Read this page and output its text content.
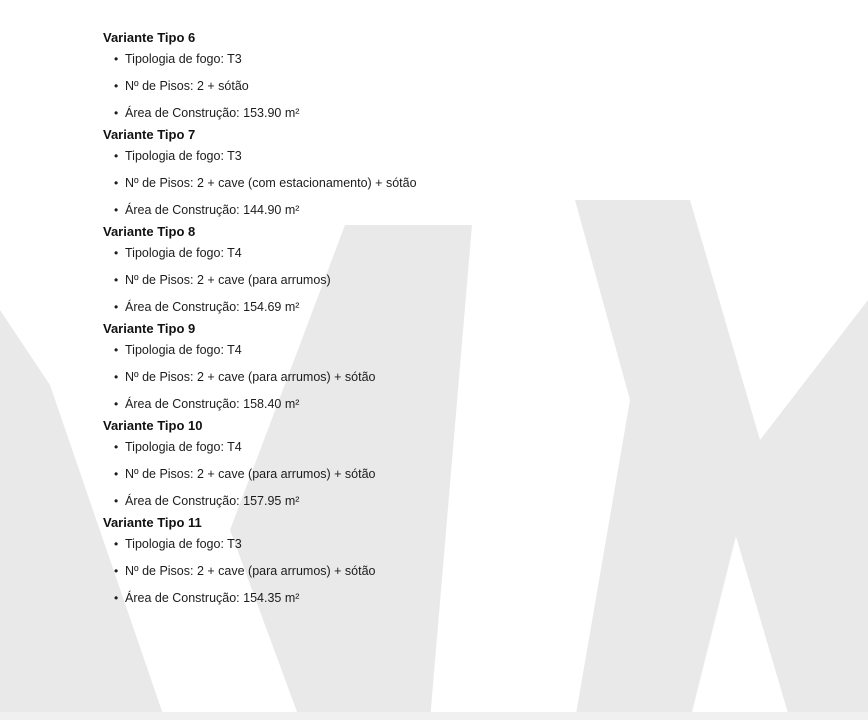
Variante Tipo 6
• Tipologia de fogo: T3
• Nº de Pisos: 2 + sótão
• Área de Construção: 153.90 m²
Variante Tipo 7
• Tipologia de fogo: T3
• Nº de Pisos: 2 + cave (com estacionamento) + sótão
• Área de Construção: 144.90 m²
Variante Tipo 8
• Tipologia de fogo: T4
• Nº de Pisos: 2 + cave (para arrumos)
• Área de Construção: 154.69 m²
Variante Tipo 9
• Tipologia de fogo: T4
• Nº de Pisos: 2 + cave (para arrumos) + sótão
• Área de Construção: 158.40 m²
Variante Tipo 10
• Tipologia de fogo: T4
• Nº de Pisos: 2 + cave (para arrumos) + sótão
• Área de Construção: 157.95 m²
Variante Tipo 11
• Tipologia de fogo: T3
• Nº de Pisos: 2 + cave (para arrumos) + sótão
• Área de Construção: 154.35 m²
